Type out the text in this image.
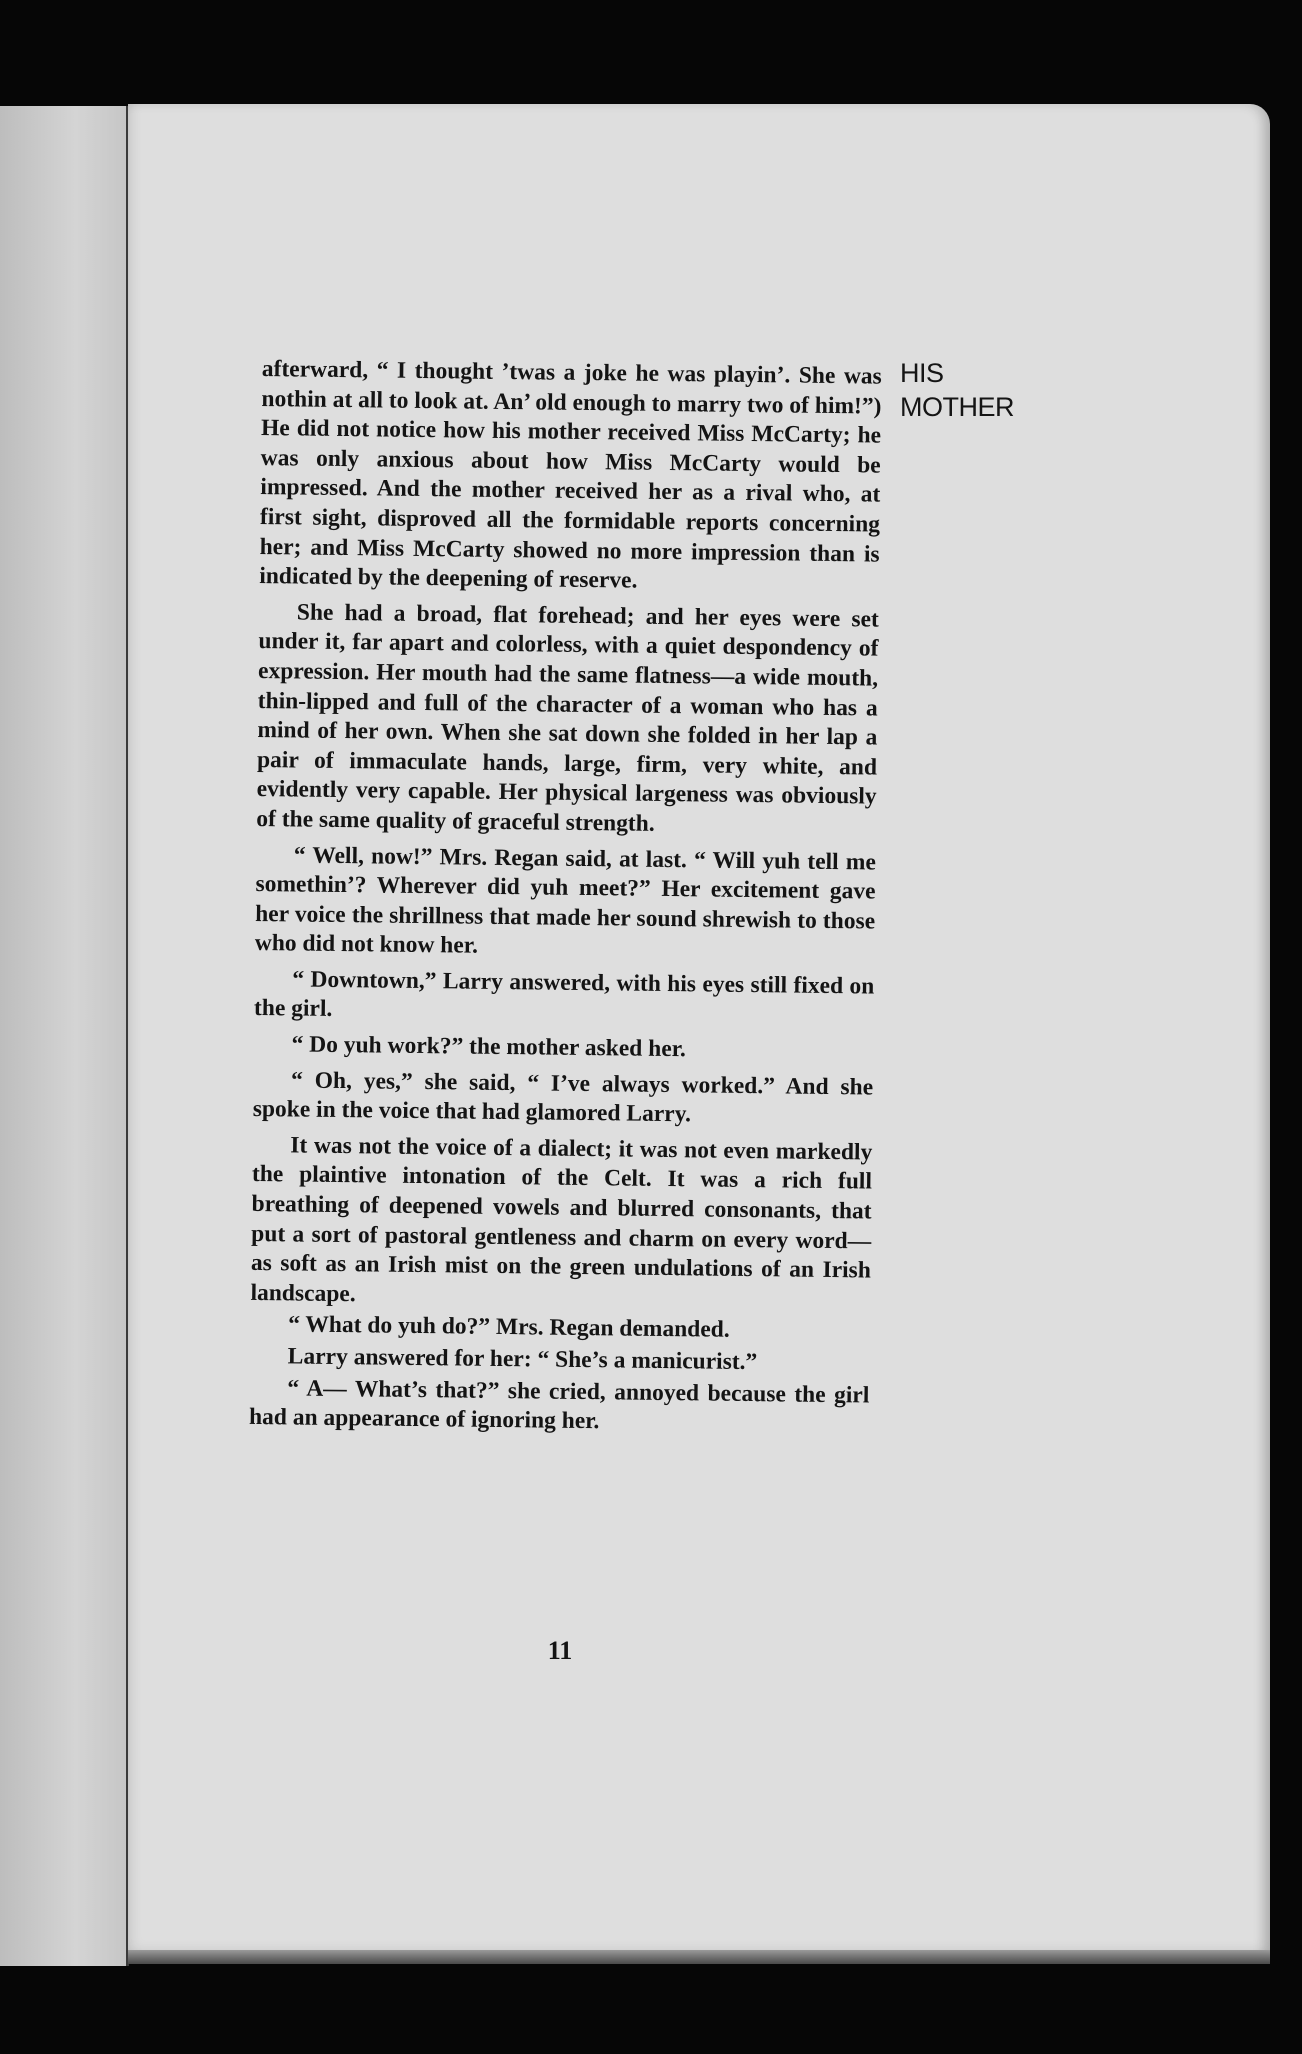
afterward, “ I thought ’twas a joke he was playin’. She was nothin at all to look at. An’ old enough to marry two of him!”) He did not notice how his mother received Miss McCarty; he was only anxious about how Miss McCarty would be impressed. And the mother received her as a rival who, at first sight, disproved all the formidable reports concerning her; and Miss McCarty showed no more impression than is indicated by the deepening of reserve.

She had a broad, flat forehead; and her eyes were set under it, far apart and colorless, with a quiet despondency of expression. Her mouth had the same flatness—a wide mouth, thin-lipped and full of the character of a woman who has a mind of her own. When she sat down she folded in her lap a pair of immaculate hands, large, firm, very white, and evidently very capable. Her physical largeness was obviously of the same quality of graceful strength.

“ Well, now!” Mrs. Regan said, at last. “ Will yuh tell me somethin’? Wherever did yuh meet?” Her excitement gave her voice the shrillness that made her sound shrewish to those who did not know her.

“ Downtown,” Larry answered, with his eyes still fixed on the girl.

“ Do yuh work?” the mother asked her.

“ Oh, yes,” she said, “ I’ve always worked.” And she spoke in the voice that had glamored Larry.

It was not the voice of a dialect; it was not even markedly the plaintive intonation of the Celt. It was a rich full breathing of deepened vowels and blurred consonants, that put a sort of pastoral gentleness and charm on every word—as soft as an Irish mist on the green undulations of an Irish landscape.

“ What do yuh do?” Mrs. Regan demanded.

Larry answered for her: “ She’s a manicurist.”

“ A— What’s that?” she cried, annoyed because the girl had an appearance of ignoring her.

HIS
MOTHER
11
